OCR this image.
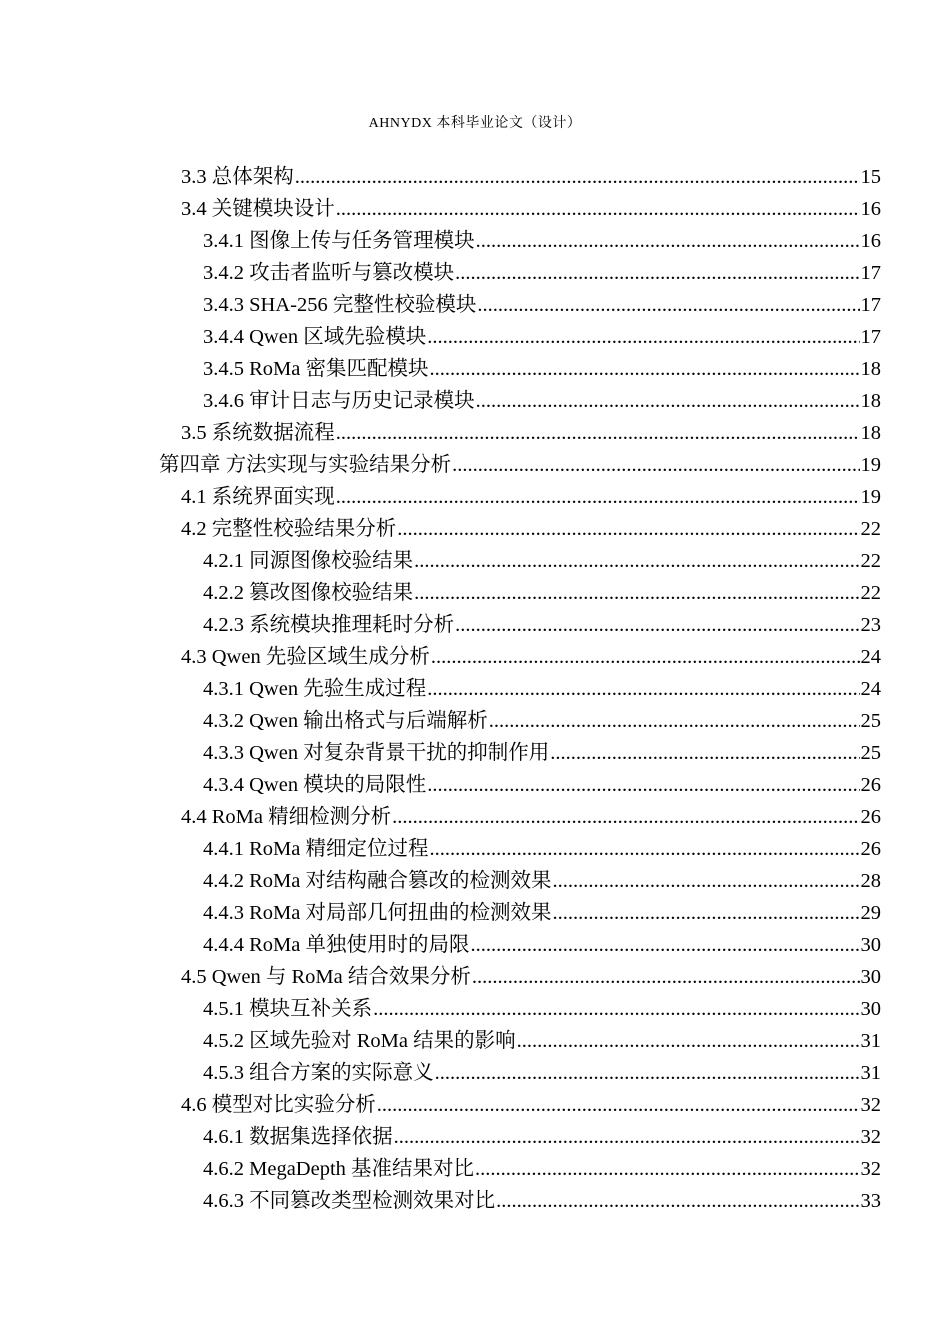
AHNYDX 本科毕业论文（设计）
3.3 总体架构 .....	15
3.4 关键模块设计 .....	16
3.4.1 图像上传与任务管理模块 .....	16
3.4.2 攻击者监听与篡改模块 .....	17
3.4.3 SHA-256 完整性校验模块 .....	17
3.4.4 Qwen 区域先验模块 .....	17
3.4.5 RoMa 密集匹配模块 .....	18
3.4.6 审计日志与历史记录模块 .....	18
3.5 系统数据流程 .....	18
第四章 方法实现与实验结果分析 .....	19
4.1 系统界面实现 .....	19
4.2 完整性校验结果分析 .....	22
4.2.1 同源图像校验结果 .....	22
4.2.2 篡改图像校验结果 .....	22
4.2.3 系统模块推理耗时分析 .....	23
4.3 Qwen 先验区域生成分析 .....	24
4.3.1 Qwen 先验生成过程 .....	24
4.3.2 Qwen 输出格式与后端解析 .....	25
4.3.3 Qwen 对复杂背景干扰的抑制作用 .....	25
4.3.4 Qwen 模块的局限性 .....	26
4.4 RoMa 精细检测分析 .....	26
4.4.1 RoMa 精细定位过程 .....	26
4.4.2 RoMa 对结构融合篡改的检测效果 .....	28
4.4.3 RoMa 对局部几何扭曲的检测效果 .....	29
4.4.4 RoMa 单独使用时的局限 .....	30
4.5 Qwen 与 RoMa 结合效果分析 .....	30
4.5.1 模块互补关系 .....	30
4.5.2 区域先验对 RoMa 结果的影响 .....	31
4.5.3 组合方案的实际意义 .....	31
4.6 模型对比实验分析 .....	32
4.6.1 数据集选择依据 .....	32
4.6.2 MegaDepth 基准结果对比 .....	32
4.6.3 不同篡改类型检测效果对比 .....	33
